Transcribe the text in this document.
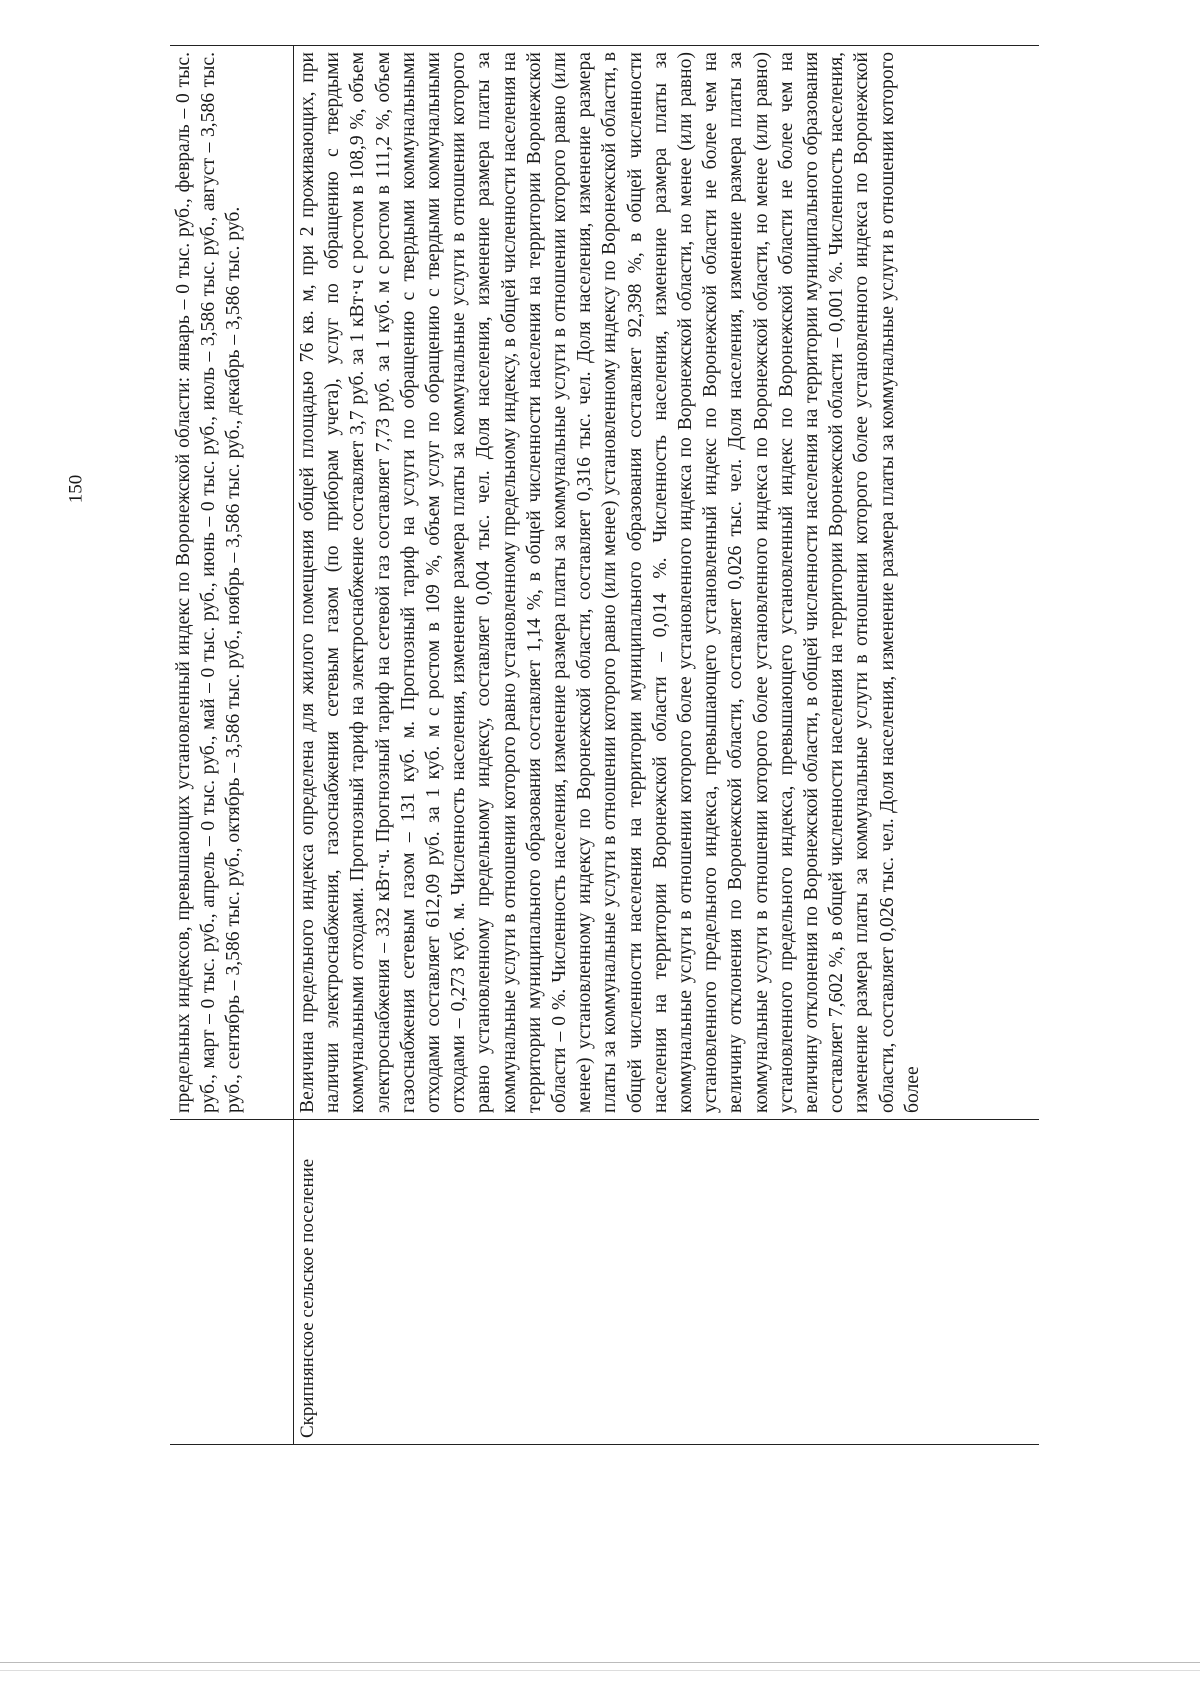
150
		предельных индексов, превышающих установленный индекс по Воронежской области: январь – 0 тыс. руб., февраль – 0 тыс. руб., март – 0 тыс. руб., апрель – 0 тыс. руб., май – 0 тыс. руб., июнь – 0 тыс. руб., июль – 3,586 тыс. руб., август – 3,586 тыс. руб., сентябрь – 3,586 тыс. руб., октябрь – 3,586 тыс. руб., ноябрь – 3,586 тыс. руб., декабрь – 3,586 тыс. руб.
Скрипнянское сельское поселение	Величина предельного индекса определена для жилого помещения общей площадью 76 кв. м, при 2 проживающих, при наличии электроснабжения, газоснабжения сетевым газом (по приборам учета), услуг по обращению с твердыми коммунальными отходами. Прогнозный тариф на электроснабжение составляет 3,7 руб. за 1 кВт·ч с ростом в 108,9 %, объем электроснабжения – 332 кВт·ч. Прогнозный тариф на сетевой газ составляет 7,73 руб. за 1 куб. м с ростом в 111,2 %, объем газоснабжения сетевым газом – 131 куб. м. Прогнозный тариф на услуги по обращению с твердыми коммунальными отходами составляет 612,09 руб. за 1 куб. м с ростом в 109 %, объем услуг по обращению с твердыми коммунальными отходами – 0,273 куб. м. Численность населения, изменение размера платы за коммунальные услуги в отношении которого равно установленному предельному индексу, составляет 0,004 тыс. чел. Доля населения, изменение размера платы за коммунальные услуги в отношении которого равно установленному предельному индексу, в общей численности населения на территории муниципального образования составляет 1,14 %, в общей численности населения на территории Воронежской области – 0 %. Численность населения, изменение размера платы за коммунальные услуги в отношении которого равно (или менее) установленному индексу по Воронежской области, составляет 0,316 тыс. чел. Доля населения, изменение размера платы за коммунальные услуги в отношении которого равно (или менее) установленному индексу по Воронежской области, в общей численности населения на территории муниципального образования составляет 92,398 %, в общей численности населения на территории Воронежской области – 0,014 %. Численность населения, изменение размера платы за коммунальные услуги в отношении которого более установленного индекса по Воронежской области, но менее (или равно) установленного предельного индекса, превышающего установленный индекс по Воронежской области не более чем на величину отклонения по Воронежской области, составляет 0,026 тыс. чел. Доля населения, изменение размера платы за коммунальные услуги в отношении которого более установленного индекса по Воронежской области, но менее (или равно) установленного предельного индекса, превышающего установленный индекс по Воронежской области не более чем на величину отклонения по Воронежской области, в общей численности населения на территории муниципального образования составляет 7,602 %, в общей численности населения на территории Воронежской области – 0,001 %. Численность населения, изменение размера платы за коммунальные услуги в отношении которого более установленного индекса по Воронежской области, составляет 0,026 тыс. чел. Доля населения, изменение размера платы за коммунальные услуги в отношении которого более
